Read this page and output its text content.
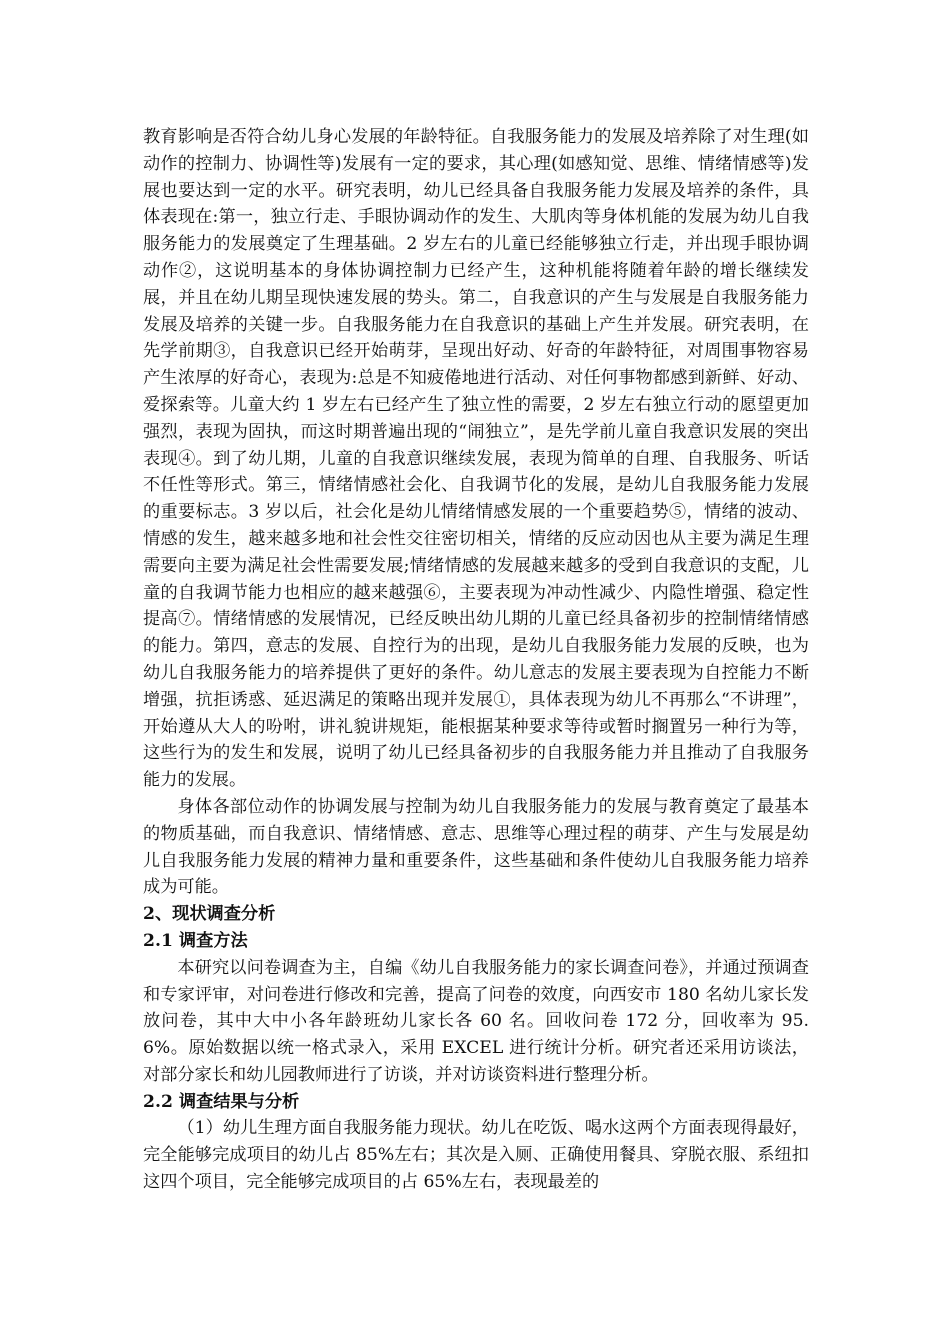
教育影响是否符合幼儿身心发展的年龄特征。自我服务能力的发展及培养除了对生理(如动作的控制力、协调性等)发展有一定的要求，其心理(如感知觉、思维、情绪情感等)发展也要达到一定的水平。研究表明，幼儿已经具备自我服务能力发展及培养的条件，具体表现在:第一，独立行走、手眼协调动作的发生、大肌肉等身体机能的发展为幼儿自我服务能力的发展奠定了生理基础。2 岁左右的儿童已经能够独立行走，并出现手眼协调动作②，这说明基本的身体协调控制力已经产生，这种机能将随着年龄的增长继续发展，并且在幼儿期呈现快速发展的势头。第二，自我意识的产生与发展是自我服务能力发展及培养的关键一步。自我服务能力在自我意识的基础上产生并发展。研究表明，在先学前期③，自我意识已经开始萌芽，呈现出好动、好奇的年龄特征，对周围事物容易产生浓厚的好奇心，表现为:总是不知疲倦地进行活动、对任何事物都感到新鲜、好动、爱探索等。儿童大约 1 岁左右已经产生了独立性的需要，2 岁左右独立行动的愿望更加强烈，表现为固执，而这时期普遍出现的“闹独立”，是先学前儿童自我意识发展的突出表现④。到了幼儿期，儿童的自我意识继续发展，表现为简单的自理、自我服务、听话不任性等形式。第三，情绪情感社会化、自我调节化的发展，是幼儿自我服务能力发展的重要标志。3 岁以后，社会化是幼儿情绪情感发展的一个重要趋势⑤，情绪的波动、情感的发生，越来越多地和社会性交往密切相关，情绪的反应动因也从主要为满足生理需要向主要为满足社会性需要发展;情绪情感的发展越来越多的受到自我意识的支配，儿童的自我调节能力也相应的越来越强⑥，主要表现为冲动性减少、内隐性增强、稳定性提高⑦。情绪情感的发展情况，已经反映出幼儿期的儿童已经具备初步的控制情绪情感的能力。第四，意志的发展、自控行为的出现，是幼儿自我服务能力发展的反映，也为幼儿自我服务能力的培养提供了更好的条件。幼儿意志的发展主要表现为自控能力不断增强，抗拒诱惑、延迟满足的策略出现并发展①，具体表现为幼儿不再那么“不讲理”，开始遵从大人的吩咐，讲礼貌讲规矩，能根据某种要求等待或暂时搁置另一种行为等，这些行为的发生和发展，说明了幼儿已经具备初步的自我服务能力并且推动了自我服务能力的发展。

身体各部位动作的协调发展与控制为幼儿自我服务能力的发展与教育奠定了最基本的物质基础，而自我意识、情绪情感、意志、思维等心理过程的萌芽、产生与发展是幼儿自我服务能力发展的精神力量和重要条件，这些基础和条件使幼儿自我服务能力培养成为可能。

2、现状调查分析
2.1 调查方法

本研究以问卷调查为主，自编《幼儿自我服务能力的家长调查问卷》，并通过预调查和专家评审，对问卷进行修改和完善，提高了问卷的效度，向西安市 180 名幼儿家长发放问卷，其中大中小各年龄班幼儿家长各 60 名。回收问卷 172 分，回收率为 95.6%。原始数据以统一格式录入，采用 EXCEL 进行统计分析。研究者还采用访谈法，对部分家长和幼儿园教师进行了访谈，并对访谈资料进行整理分析。

2.2 调查结果与分析

（1）幼儿生理方面自我服务能力现状。幼儿在吃饭、喝水这两个方面表现得最好，完全能够完成项目的幼儿占 85%左右；其次是入厕、正确使用餐具、穿脱衣服、系纽扣这四个项目，完全能够完成项目的占 65%左右，表现最差的
